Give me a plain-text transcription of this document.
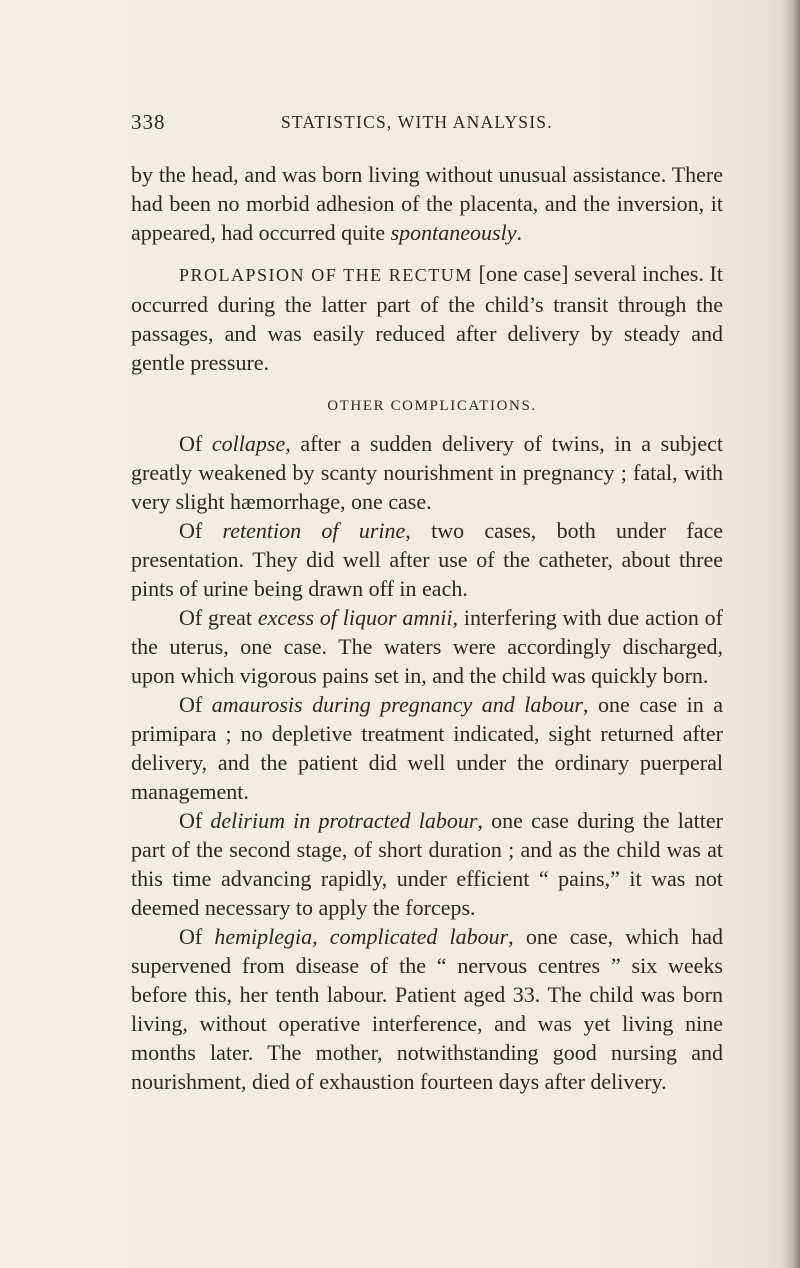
338	STATISTICS, WITH ANALYSIS.

by the head, and was born living without unusual assistance. There had been no morbid adhesion of the placenta, and the inversion, it appeared, had occurred quite spontaneously.

PROLAPSION OF THE RECTUM [one case] several inches. It occurred during the latter part of the child’s transit through the passages, and was easily reduced after delivery by steady and gentle pressure.

OTHER COMPLICATIONS.

Of collapse, after a sudden delivery of twins, in a subject greatly weakened by scanty nourishment in pregnancy ; fatal, with very slight hæmorrhage, one case.

Of retention of urine, two cases, both under face presentation. They did well after use of the catheter, about three pints of urine being drawn off in each.

Of great excess of liquor amnii, interfering with due action of the uterus, one case. The waters were accordingly discharged, upon which vigorous pains set in, and the child was quickly born.

Of amaurosis during pregnancy and labour, one case in a primipara ; no depletive treatment indicated, sight returned after delivery, and the patient did well under the ordinary puerperal management.

Of delirium in protracted labour, one case during the latter part of the second stage, of short duration ; and as the child was at this time advancing rapidly, under efficient “ pains,” it was not deemed necessary to apply the forceps.

Of hemiplegia, complicated labour, one case, which had supervened from disease of the “ nervous centres ” six weeks before this, her tenth labour. Patient aged 33. The child was born living, without operative interference, and was yet living nine months later. The mother, notwithstanding good nursing and nourishment, died of exhaustion fourteen days after delivery.
